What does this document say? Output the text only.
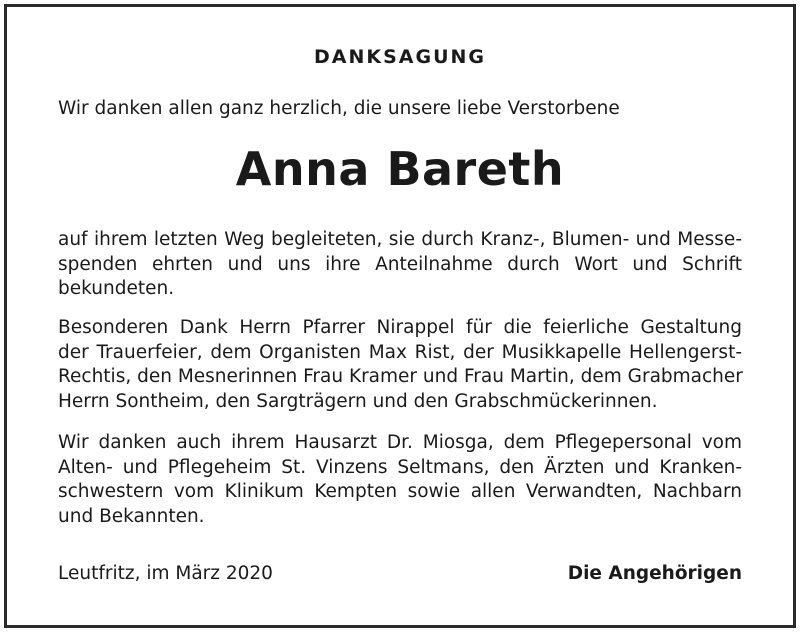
DANKSAGUNG
Wir danken allen ganz herzlich, die unsere liebe Verstorbene
Anna Bareth

auf ihrem letzten Weg begleiteten, sie durch Kranz-, Blumen- und Messe-
spenden ehrten und uns ihre Anteilnahme durch Wort und Schrift
bekundeten.

Besonderen Dank Herrn Pfarrer Nirappel für die feierliche Gestaltung
der Trauerfeier, dem Organisten Max Rist, der Musikkapelle Hellengerst-
Rechtis, den Mesnerinnen Frau Kramer und Frau Martin, dem Grabmacher
Herrn Sontheim, den Sargträgern und den Grabschmückerinnen.

Wir danken auch ihrem Hausarzt Dr. Miosga, dem Pflegepersonal vom
Alten- und Pflegeheim St. Vinzens Seltmans, den Ärzten und Kranken-
schwestern vom Klinikum Kempten sowie allen Verwandten, Nachbarn
und Bekannten.

Leutfritz, im März 2020	Die Angehörigen
